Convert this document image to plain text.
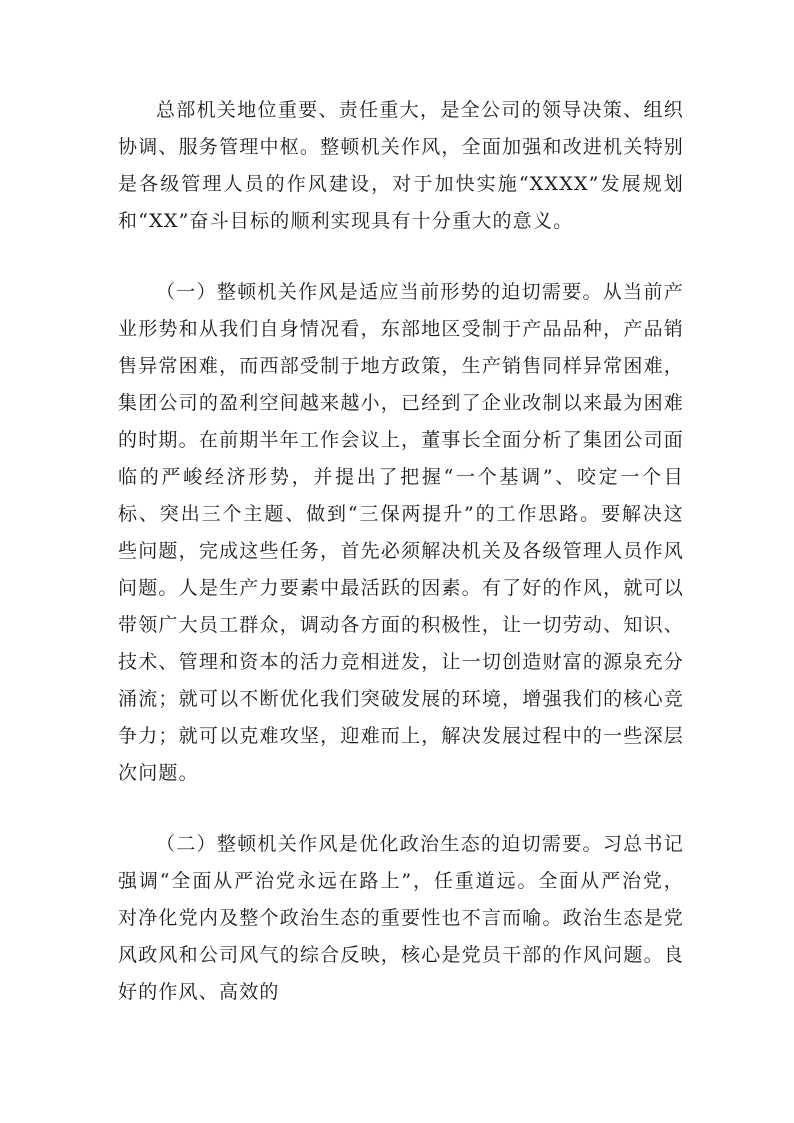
总部机关地位重要、责任重大，是全公司的领导决策、组织协调、服务管理中枢。整顿机关作风，全面加强和改进机关特别是各级管理人员的作风建设，对于加快实施“XXXX”发展规划和“XX”奋斗目标的顺利实现具有十分重大的意义。

（一）整顿机关作风是适应当前形势的迫切需要。从当前产业形势和从我们自身情况看，东部地区受制于产品品种，产品销售异常困难，而西部受制于地方政策，生产销售同样异常困难，集团公司的盈利空间越来越小，已经到了企业改制以来最为困难的时期。在前期半年工作会议上，董事长全面分析了集团公司面临的严峻经济形势，并提出了把握“一个基调”、咬定一个目标、突出三个主题、做到“三保两提升”的工作思路。要解决这些问题，完成这些任务，首先必须解决机关及各级管理人员作风问题。人是生产力要素中最活跃的因素。有了好的作风，就可以带领广大员工群众，调动各方面的积极性，让一切劳动、知识、技术、管理和资本的活力竞相迸发，让一切创造财富的源泉充分涌流；就可以不断优化我们突破发展的环境，增强我们的核心竞争力；就可以克难攻坚，迎难而上，解决发展过程中的一些深层次问题。

（二）整顿机关作风是优化政治生态的迫切需要。习总书记强调“全面从严治党永远在路上”，任重道远。全面从严治党，对净化党内及整个政治生态的重要性也不言而喻。政治生态是党风政风和公司风气的综合反映，核心是党员干部的作风问题。良好的作风、高效的
